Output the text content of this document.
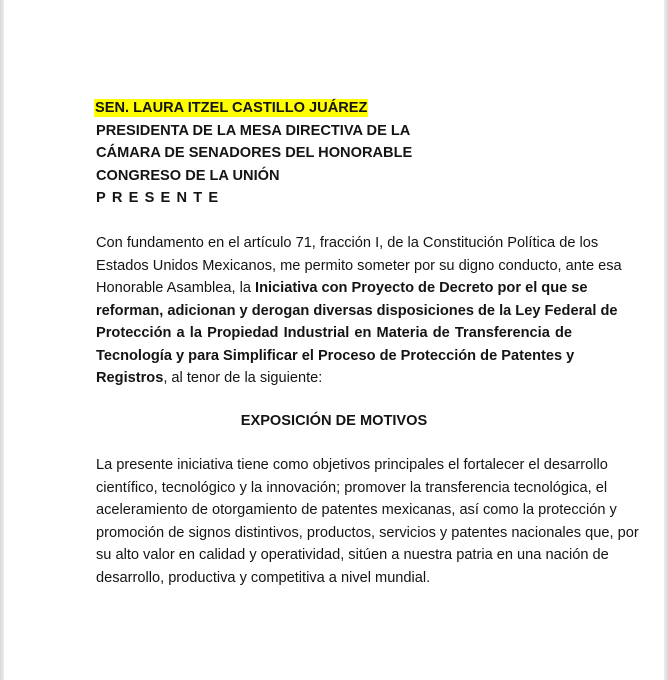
SEN. LAURA ITZEL CASTILLO JUÁREZ
PRESIDENTA DE LA MESA DIRECTIVA DE LA
CÁMARA DE SENADORES DEL HONORABLE
CONGRESO DE LA UNIÓN
PRESENTE
Con fundamento en el artículo 71, fracción I, de la Constitución Política de los
Estados Unidos Mexicanos, me permito someter por su digno conducto, ante esa
Honorable Asamblea, la Iniciativa con Proyecto de Decreto por el que se
reforman, adicionan y derogan diversas disposiciones de la Ley Federal de
Protección a la Propiedad Industrial en Materia de Transferencia de
Tecnología y para Simplificar el Proceso de Protección de Patentes y
Registros, al tenor de la siguiente:
EXPOSICIÓN DE MOTIVOS
La presente iniciativa tiene como objetivos principales el fortalecer el desarrollo
científico, tecnológico y la innovación; promover la transferencia tecnológica, el
aceleramiento de otorgamiento de patentes mexicanas, así como la protección y
promoción de signos distintivos, productos, servicios y patentes nacionales que, por
su alto valor en calidad y operatividad, sitúen a nuestra patria en una nación de
desarrollo, productiva y competitiva a nivel mundial.
